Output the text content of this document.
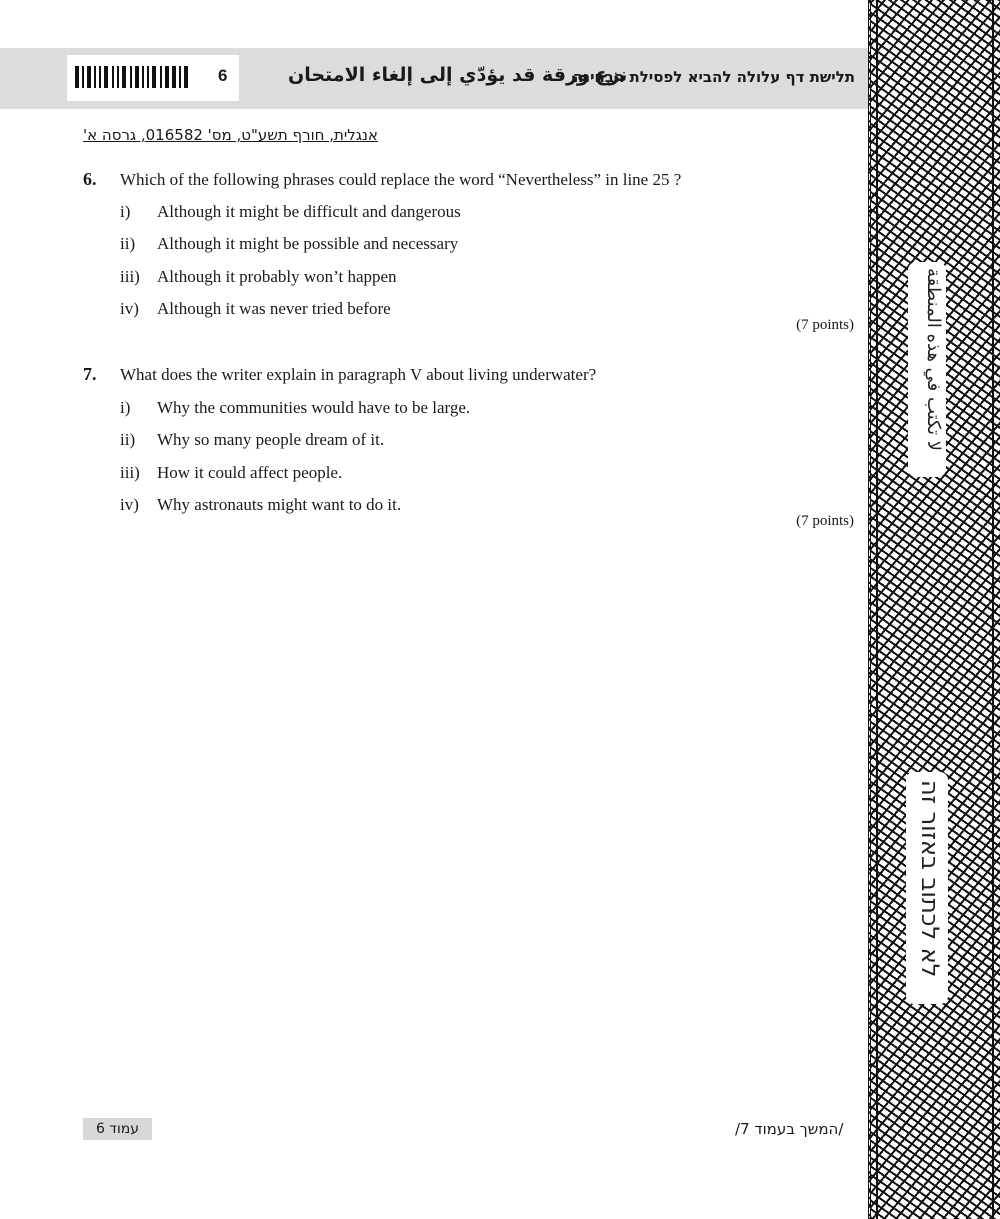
6	نزع ورقة قد يؤدّي إلى إلغاء الامتحان
תלישת דף עלולה להביא לפסילת הבחינה
אנגלית, חורף תשע"ט, מס' 016582, גרסה א'
6. Which of the following phrases could replace the word “Nevertheless” in line 25 ?
i) Although it might be difficult and dangerous
ii) Although it might be possible and necessary
iii) Although it probably won’t happen
iv) Although it was never tried before
(7 points)
7. What does the writer explain in paragraph V about living underwater?
i) Why the communities would have to be large.
ii) Why so many people dream of it.
iii) How it could affect people.
iv) Why astronauts might want to do it.
(7 points)
עמוד 6	/המשך בעמוד 7/
لا تكتب في هذه المنطقة
לא לכתוב באזור זה
